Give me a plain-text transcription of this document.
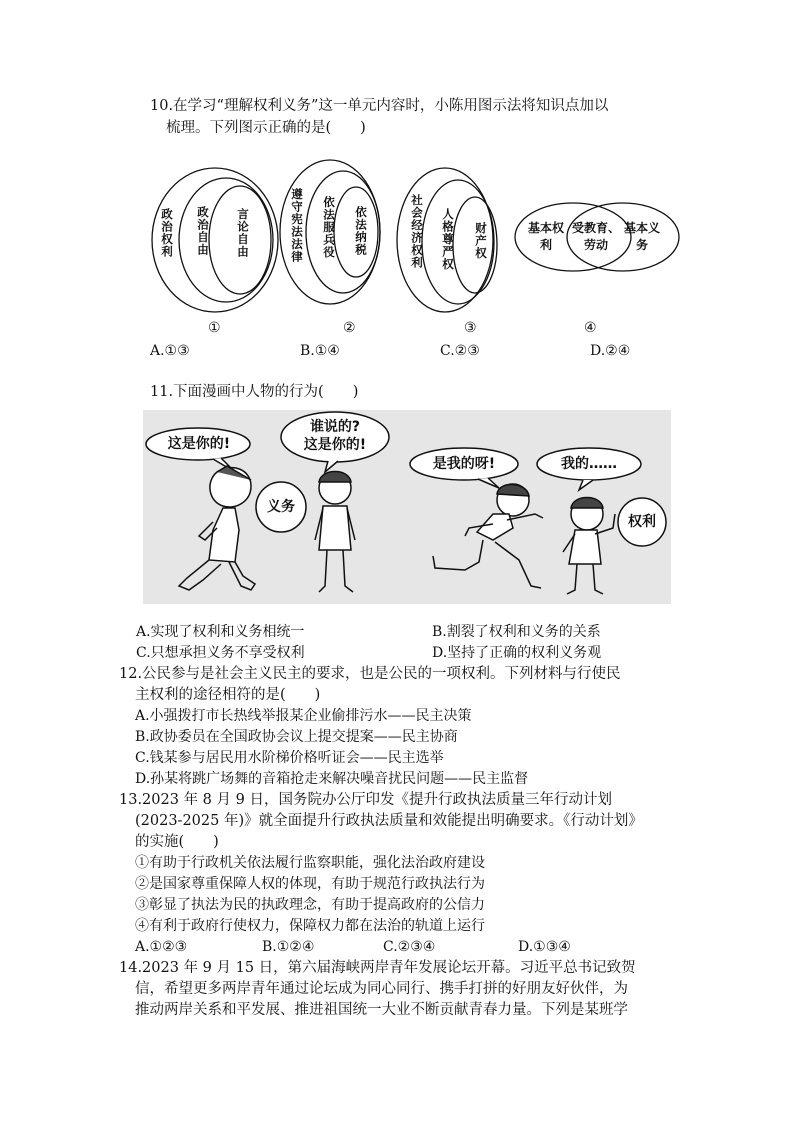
10.在学习“理解权利义务”这一单元内容时，小陈用图示法将知识点加以
梳理。下列图示正确的是(　　)
政治权利 政治自由 言论自由	遵守宪法法律 依法服兵役 依法纳税	社会经济权利 人格尊严权 财产权	基本权利
受教育、劳动
基本义务
①	②	③	④
A.①③	B.①④	C.②③	D.②④
11.下面漫画中人物的行为(　　)
这是你的!
谁说的?
这是你的!
义务
是我的呀!	我的……
权利
A.实现了权利和义务相统一	B.割裂了权利和义务的关系
C.只想承担义务不享受权利	D.坚持了正确的权利义务观
12.公民参与是社会主义民主的要求，也是公民的一项权利。下列材料与行使民
主权利的途径相符的是(　　)
A.小强拨打市长热线举报某企业偷排污水——民主决策
B.政协委员在全国政协会议上提交提案——民主协商
C.钱某参与居民用水阶梯价格听证会——民主选举
D.孙某将跳广场舞的音箱抢走来解决噪音扰民问题——民主监督
13.2023 年 8 月 9 日，国务院办公厅印发《提升行政执法质量三年行动计划
(2023-2025 年)》就全面提升行政执法质量和效能提出明确要求。《行动计划》
的实施(　　)
①有助于行政机关依法履行监察职能，强化法治政府建设
②是国家尊重保障人权的体现，有助于规范行政执法行为
③彰显了执法为民的执政理念，有助于提高政府的公信力
④有利于政府行使权力，保障权力都在法治的轨道上运行
A.①②③	B.①②④	C.②③④	D.①③④
14.2023 年 9 月 15 日，第六届海峡两岸青年发展论坛开幕。习近平总书记致贺
信，希望更多两岸青年通过论坛成为同心同行、携手打拼的好朋友好伙伴，为
推动两岸关系和平发展、推进祖国统一大业不断贡献青春力量。下列是某班学
